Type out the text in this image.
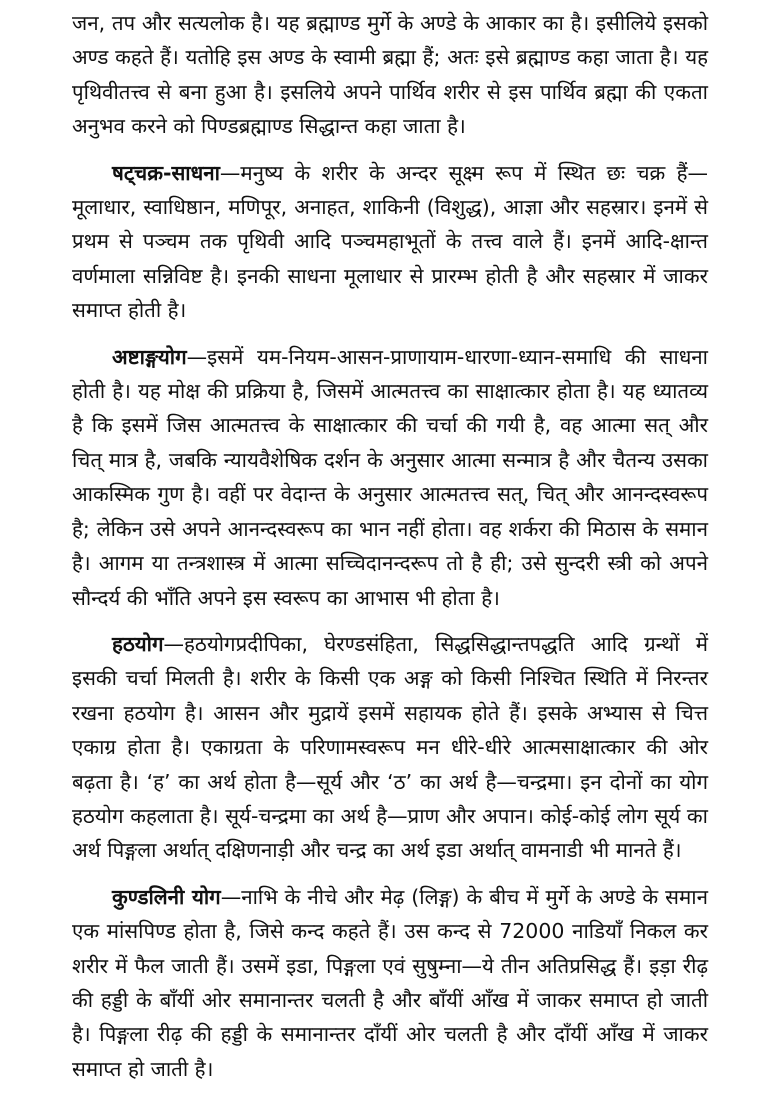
जन, तप और सत्यलोक है। यह ब्रह्माण्ड मुर्गे के अण्डे के आकार का है। इसीलिये इसको अण्ड कहते हैं। यतोहि इस अण्ड के स्वामी ब्रह्मा हैं; अतः इसे ब्रह्माण्ड कहा जाता है। यह पृथिवीतत्त्व से बना हुआ है। इसलिये अपने पार्थिव शरीर से इस पार्थिव ब्रह्मा की एकता अनुभव करने को पिण्डब्रह्माण्ड सिद्धान्त कहा जाता है।

षट्चक्र-साधना—मनुष्य के शरीर के अन्दर सूक्ष्म रूप में स्थित छः चक्र हैं—मूलाधार, स्वाधिष्ठान, मणिपूर, अनाहत, शाकिनी (विशुद्ध), आज्ञा और सहस्रार। इनमें से प्रथम से पञ्चम तक पृथिवी आदि पञ्चमहाभूतों के तत्त्व वाले हैं। इनमें आदि-क्षान्त वर्णमाला सन्निविष्ट है। इनकी साधना मूलाधार से प्रारम्भ होती है और सहस्रार में जाकर समाप्त होती है।

अष्टाङ्गयोग—इसमें यम-नियम-आसन-प्राणायाम-धारणा-ध्यान-समाधि की साधना होती है। यह मोक्ष की प्रक्रिया है, जिसमें आत्मतत्त्व का साक्षात्कार होता है। यह ध्यातव्य है कि इसमें जिस आत्मतत्त्व के साक्षात्कार की चर्चा की गयी है, वह आत्मा सत् और चित् मात्र है, जबकि न्यायवैशेषिक दर्शन के अनुसार आत्मा सन्मात्र है और चैतन्य उसका आकस्मिक गुण है। वहीं पर वेदान्त के अनुसार आत्मतत्त्व सत्, चित् और आनन्दस्वरूप है; लेकिन उसे अपने आनन्दस्वरूप का भान नहीं होता। वह शर्करा की मिठास के समान है। आगम या तन्त्रशास्त्र में आत्मा सच्चिदानन्दरूप तो है ही; उसे सुन्दरी स्त्री को अपने सौन्दर्य की भाँति अपने इस स्वरूप का आभास भी होता है।

हठयोग—हठयोगप्रदीपिका, घेरण्डसंहिता, सिद्धसिद्धान्तपद्धति आदि ग्रन्थों में इसकी चर्चा मिलती है। शरीर के किसी एक अङ्ग को किसी निश्चित स्थिति में निरन्तर रखना हठयोग है। आसन और मुद्रायें इसमें सहायक होते हैं। इसके अभ्यास से चित्त एकाग्र होता है। एकाग्रता के परिणामस्वरूप मन धीरे-धीरे आत्मसाक्षात्कार की ओर बढ़ता है। ‘ह’ का अर्थ होता है—सूर्य और ‘ठ’ का अर्थ है—चन्द्रमा। इन दोनों का योग हठयोग कहलाता है। सूर्य-चन्द्रमा का अर्थ है—प्राण और अपान। कोई-कोई लोग सूर्य का अर्थ पिङ्गला अर्थात् दक्षिणनाड़ी और चन्द्र का अर्थ इडा अर्थात् वामनाडी भी मानते हैं।

कुण्डलिनी योग—नाभि के नीचे और मेढ़ (लिङ्ग) के बीच में मुर्गे के अण्डे के समान एक मांसपिण्ड होता है, जिसे कन्द कहते हैं। उस कन्द से 72000 नाडियाँ निकल कर शरीर में फैल जाती हैं। उसमें इडा, पिङ्गला एवं सुषुम्ना—ये तीन अतिप्रसिद्ध हैं। इड़ा रीढ़ की हड्डी के बाँयीं ओर समानान्तर चलती है और बाँयीं आँख में जाकर समाप्त हो जाती है। पिङ्गला रीढ़ की हड्डी के समानान्तर दाँयीं ओर चलती है और दाँयीं आँख में जाकर समाप्त हो जाती है।
